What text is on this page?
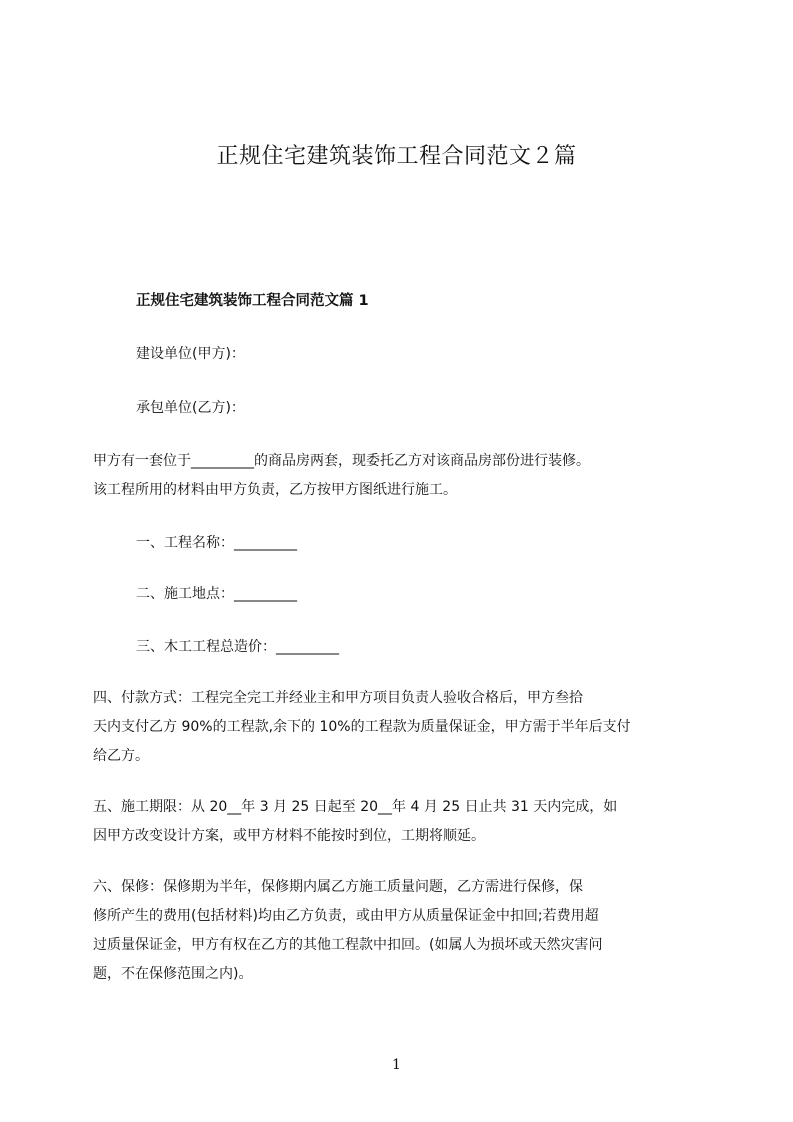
正规住宅建筑装饰工程合同范文２篇
正规住宅建筑装饰工程合同范文篇 1
建设单位(甲方)：
承包单位(乙方)：
甲方有一套位于_________的商品房两套，现委托乙方对该商品房部份进行装修。
该工程所用的材料由甲方负责，乙方按甲方图纸进行施工。
一、工程名称：_________
二、施工地点：_________
三、木工工程总造价：_________
四、付款方式：工程完全完工并经业主和甲方项目负责人验收合格后，甲方叁拾
天内支付乙方 90%的工程款,余下的 10%的工程款为质量保证金，甲方需于半年后支付
给乙方。
五、施工期限：从 20__年 3 月 25 日起至 20__年 4 月 25 日止共 31 天内完成，如
因甲方改变设计方案，或甲方材料不能按时到位，工期将顺延。
六、保修：保修期为半年，保修期内属乙方施工质量问题，乙方需进行保修，保
修所产生的费用(包括材料)均由乙方负责，或由甲方从质量保证金中扣回;若费用超
过质量保证金，甲方有权在乙方的其他工程款中扣回。(如属人为损坏或天然灾害问
题，不在保修范围之内)。
1
